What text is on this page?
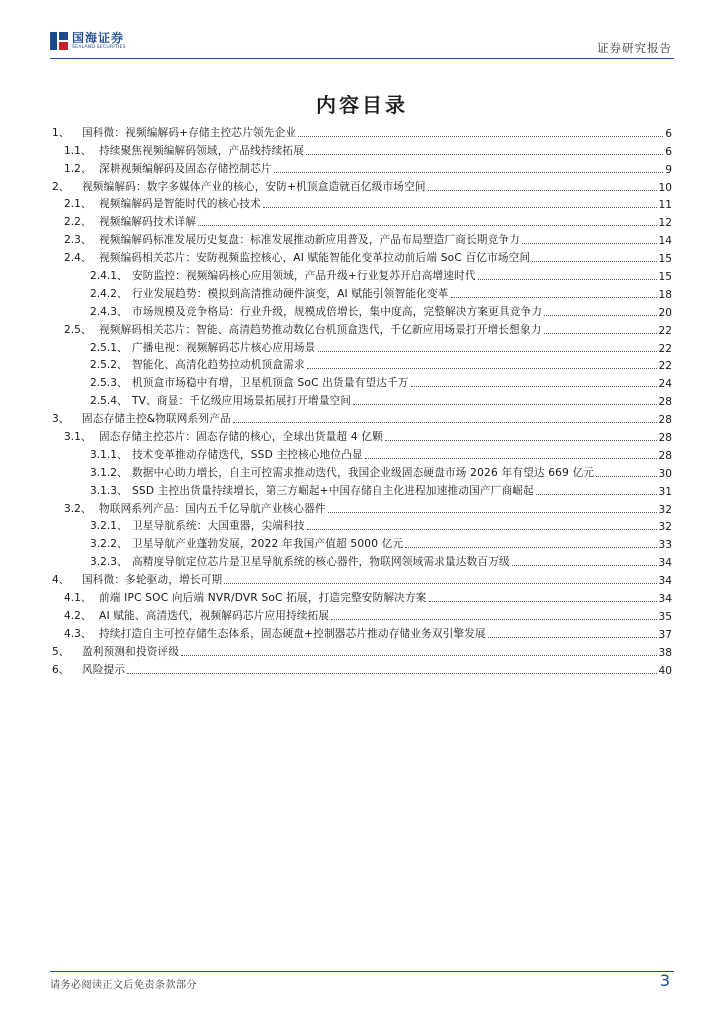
国海证券
SEALAND SECURITIES	证券研究报告
内容目录
1、	国科微：视频编解码+存储主控芯片领先企业	6
1.1、 持续聚焦视频编解码领域，产品线持续拓展	6
1.2、 深耕视频编解码及固态存储控制芯片	9
2、	视频编解码：数字多媒体产业的核心，安防+机顶盒造就百亿级市场空间	10
2.1、 视频编解码是智能时代的核心技术	11
2.2、 视频编解码技术详解	12
2.3、 视频编解码标准发展历史复盘：标准发展推动新应用普及，产品布局塑造厂商长期竞争力	14
2.4、 视频编码相关芯片：安防视频监控核心，AI 赋能智能化变革拉动前后端 SoC 百亿市场空间	15
2.4.1、 安防监控：视频编码核心应用领域，产品升级+行业复苏开启高增速时代	15
2.4.2、 行业发展趋势：模拟到高清推动硬件演变，AI 赋能引领智能化变革	18
2.4.3、 市场规模及竞争格局：行业升级，规模成倍增长，集中度高，完整解决方案更具竞争力	20
2.5、 视频解码相关芯片：智能、高清趋势推动数亿台机顶盒迭代，千亿新应用场景打开增长想象力	22
2.5.1、 广播电视：视频解码芯片核心应用场景	22
2.5.2、 智能化、高清化趋势拉动机顶盒需求	22
2.5.3、 机顶盒市场稳中有增，卫星机顶盒 SoC 出货量有望达千万	24
2.5.4、 TV、商显：千亿级应用场景拓展打开增量空间	28
3、	固态存储主控&物联网系列产品	28
3.1、 固态存储主控芯片：固态存储的核心，全球出货量超 4 亿颗	28
3.1.1、 技术变革推动存储迭代，SSD 主控核心地位凸显	28
3.1.2、 数据中心助力增长，自主可控需求推动迭代，我国企业级固态硬盘市场 2026 年有望达 669 亿元	30
3.1.3、 SSD 主控出货量持续增长，第三方崛起+中国存储自主化进程加速推动国产厂商崛起	31
3.2、 物联网系列产品：国内五千亿导航产业核心器件	32
3.2.1、 卫星导航系统：大国重器，尖端科技	32
3.2.2、 卫星导航产业蓬勃发展，2022 年我国产值超 5000 亿元	33
3.2.3、 高精度导航定位芯片是卫星导航系统的核心器件，物联网领域需求量达数百万级	34
4、	国科微：多轮驱动，增长可期	34
4.1、 前端 IPC SOC 向后端 NVR/DVR SoC 拓展，打造完整安防解决方案	34
4.2、 AI 赋能、高清迭代，视频解码芯片应用持续拓展	35
4.3、 持续打造自主可控存储生态体系，固态硬盘+控制器芯片推动存储业务双引擎发展	37
5、	盈利预测和投资评级	38
6、	风险提示	40
请务必阅读正文后免责条款部分	3
